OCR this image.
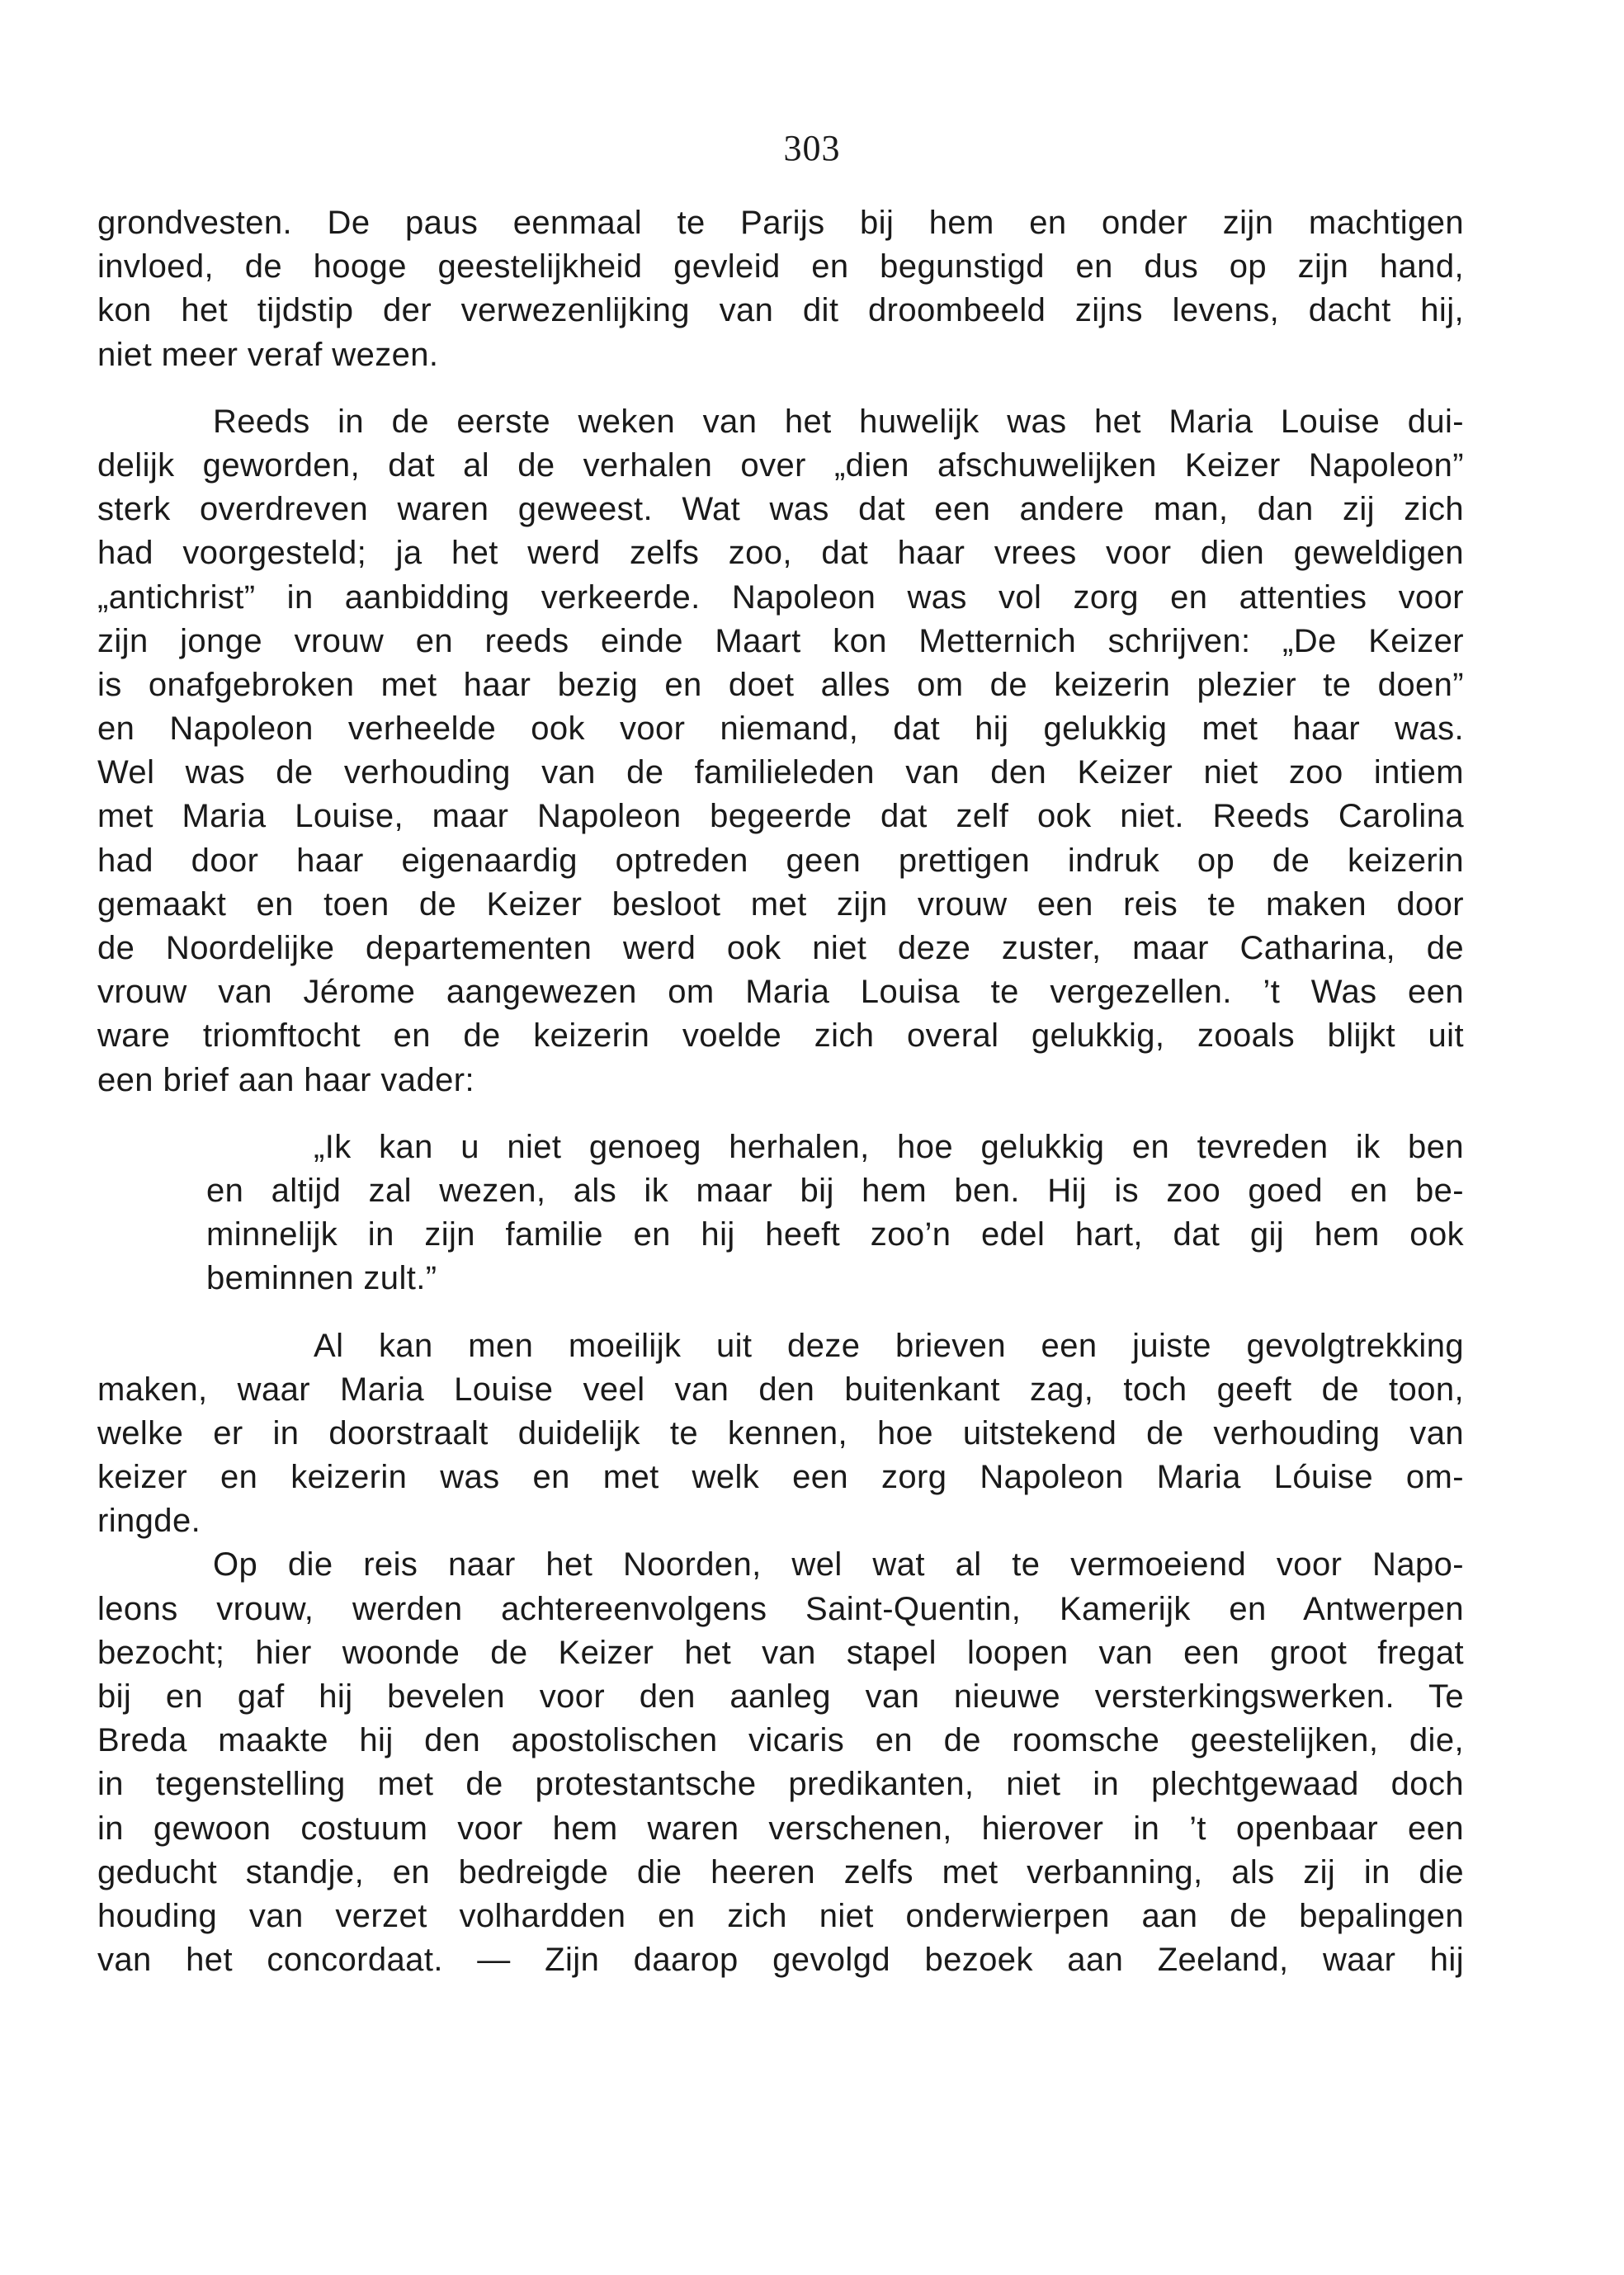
303
grondvesten. De paus eenmaal te Parijs bij hem en onder zijn machtigen
invloed, de hooge geestelijkheid gevleid en begunstigd en dus op zijn hand,
kon het tijdstip der verwezenlijking van dit droombeeld zijns levens, dacht hij,
niet meer veraf wezen.
Reeds in de eerste weken van het huwelijk was het Maria Louise dui-
delijk geworden, dat al de verhalen over „dien afschuwelijken Keizer Napoleon”
sterk overdreven waren geweest. Wat was dat een andere man, dan zij zich
had voorgesteld; ja het werd zelfs zoo, dat haar vrees voor dien geweldigen
„antichrist” in aanbidding verkeerde. Napoleon was vol zorg en attenties voor
zijn jonge vrouw en reeds einde Maart kon Metternich schrijven: „De Keizer
is onafgebroken met haar bezig en doet alles om de keizerin plezier te doen”
en Napoleon verheelde ook voor niemand, dat hij gelukkig met haar was.
Wel was de verhouding van de familieleden van den Keizer niet zoo intiem
met Maria Louise, maar Napoleon begeerde dat zelf ook niet. Reeds Carolina
had door haar eigenaardig optreden geen prettigen indruk op de keizerin
gemaakt en toen de Keizer besloot met zijn vrouw een reis te maken door
de Noordelijke departementen werd ook niet deze zuster, maar Catharina, de
vrouw van Jérome aangewezen om Maria Louisa te vergezellen. ’t Was een
ware triomftocht en de keizerin voelde zich overal gelukkig, zooals blijkt uit
een brief aan haar vader:
„Ik kan u niet genoeg herhalen, hoe gelukkig en tevreden ik ben
en altijd zal wezen, als ik maar bij hem ben. Hij is zoo goed en be-
minnelijk in zijn familie en hij heeft zoo’n edel hart, dat gij hem ook
beminnen zult.”
Al kan men moeilijk uit deze brieven een juiste gevolgtrekking
maken, waar Maria Louise veel van den buitenkant zag, toch geeft de toon,
welke er in doorstraalt duidelijk te kennen, hoe uitstekend de verhouding van
keizer en keizerin was en met welk een zorg Napoleon Maria Lóuise om-
ringde.
Op die reis naar het Noorden, wel wat al te vermoeiend voor Napo-
leons vrouw, werden achtereenvolgens Saint-Quentin, Kamerijk en Antwerpen
bezocht; hier woonde de Keizer het van stapel loopen van een groot fregat
bij en gaf hij bevelen voor den aanleg van nieuwe versterkingswerken. Te
Breda maakte hij den apostolischen vicaris en de roomsche geestelijken, die,
in tegenstelling met de protestantsche predikanten, niet in plechtgewaad doch
in gewoon costuum voor hem waren verschenen, hierover in ’t openbaar een
geducht standje, en bedreigde die heeren zelfs met verbanning, als zij in die
houding van verzet volhardden en zich niet onderwierpen aan de bepalingen
van het concordaat. — Zijn daarop gevolgd bezoek aan Zeeland, waar hij
